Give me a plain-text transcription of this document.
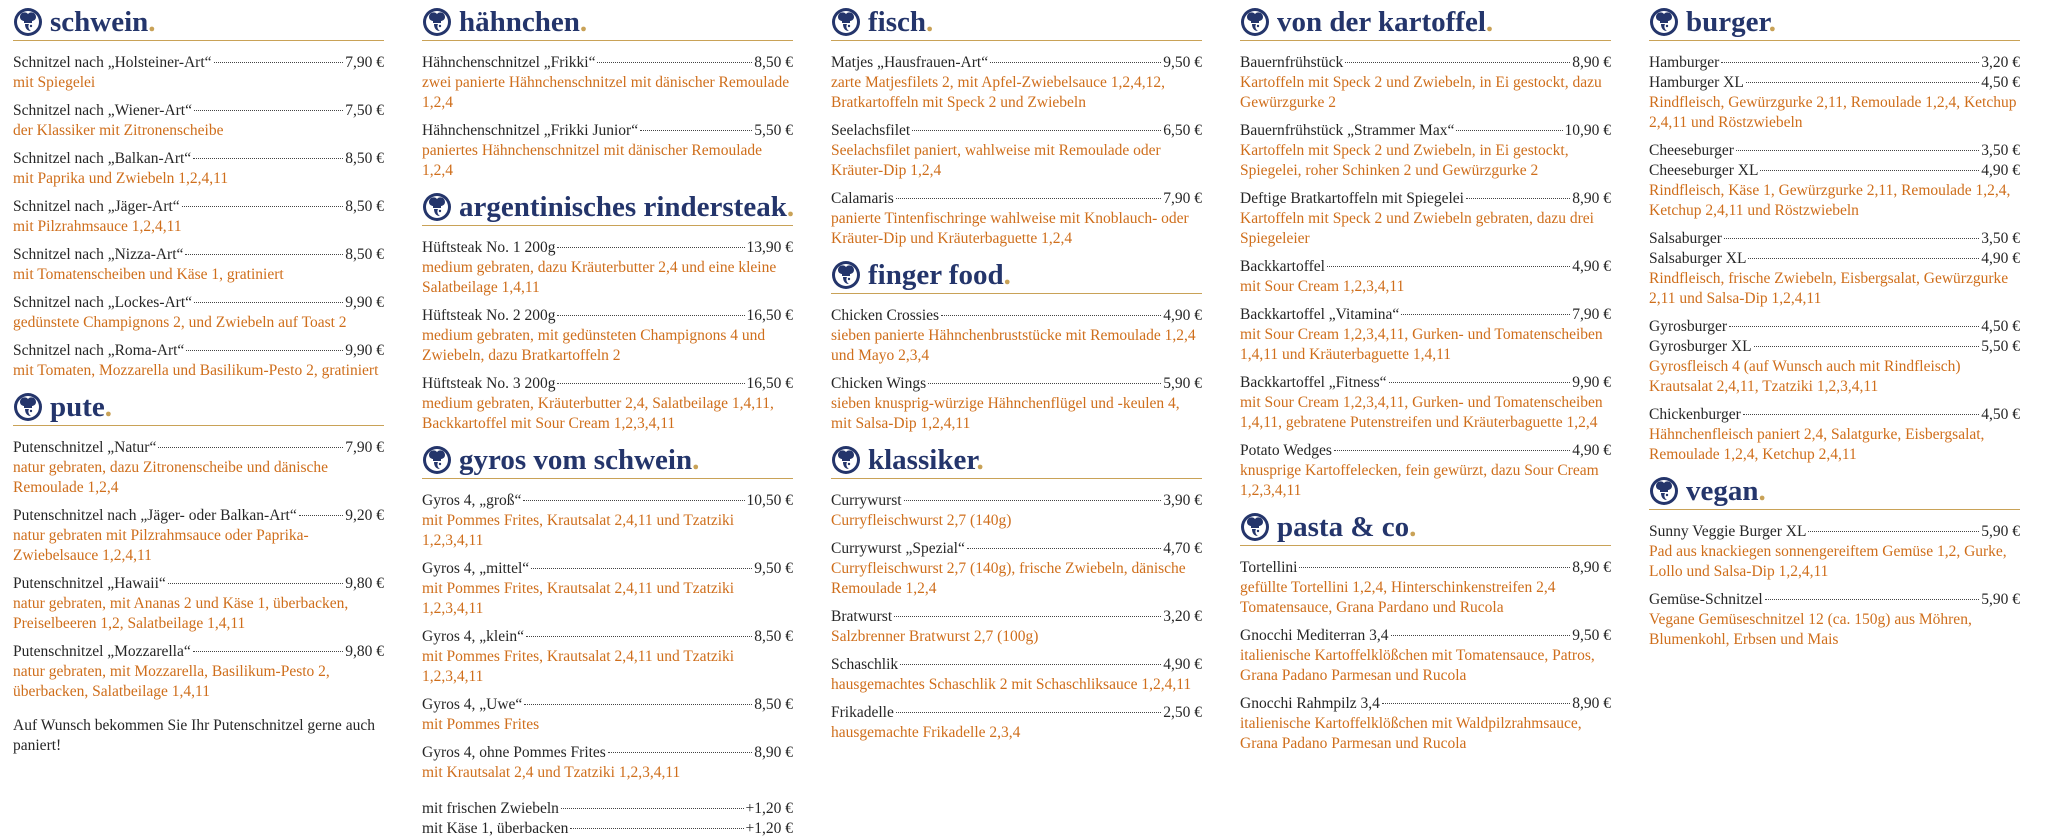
schwein.
Schnitzel nach „Holsteiner-Art“	7,90 €
mit Spiegelei
Schnitzel nach „Wiener-Art“	7,50 €
der Klassiker mit Zitronenscheibe
Schnitzel nach „Balkan-Art“	8,50 €
mit Paprika und Zwiebeln 1,2,4,11
Schnitzel nach „Jäger-Art“	8,50 €
mit Pilzrahmsauce 1,2,4,11
Schnitzel nach „Nizza-Art“	8,50 €
mit Tomatenscheiben und Käse 1, gratiniert
Schnitzel nach „Lockes-Art“	9,90 €
gedünstete Champignons 2, und Zwiebeln auf Toast 2
Schnitzel nach „Roma-Art“	9,90 €
mit Tomaten, Mozzarella und Basilikum-Pesto 2, gratiniert
pute.
Putenschnitzel „Natur“	7,90 €
natur gebraten, dazu Zitronenscheibe und dänische Remoulade 1,2,4
Putenschnitzel nach „Jäger- oder Balkan-Art“	9,20 €
natur gebraten mit Pilzrahmsauce oder Paprika- Zwiebelsauce 1,2,4,11
Putenschnitzel „Hawaii“	9,80 €
natur gebraten, mit Ananas 2 und Käse 1, überbacken, Preiselbeeren 1,2, Salatbeilage 1,4,11
Putenschnitzel „Mozzarella“	9,80 €
natur gebraten, mit Mozzarella, Basilikum-Pesto 2, überbacken, Salatbeilage 1,4,11
Auf Wunsch bekommen Sie Ihr Putenschnitzel gerne auch paniert!
hähnchen.
Hähnchenschnitzel „Frikki“	8,50 €
zwei panierte Hähnchenschnitzel mit dänischer Remoulade 1,2,4
Hähnchenschnitzel „Frikki Junior“	5,50 €
paniertes Hähnchenschnitzel mit dänischer Remoulade 1,2,4
argentinisches rindersteak.
Hüftsteak No. 1 200g	13,90 €
medium gebraten, dazu Kräuterbutter 2,4 und eine kleine Salatbeilage 1,4,11
Hüftsteak No. 2 200g	16,50 €
medium gebraten, mit gedünsteten Champignons 4 und Zwiebeln, dazu Bratkartoffeln 2
Hüftsteak No. 3 200g	16,50 €
medium gebraten, Kräuterbutter 2,4, Salatbeilage 1,4,11, Backkartoffel mit Sour Cream 1,2,3,4,11
gyros vom schwein.
Gyros 4, „groß“	10,50 €
mit Pommes Frites, Krautsalat 2,4,11 und Tzatziki 1,2,3,4,11
Gyros 4, „mittel“	9,50 €
mit Pommes Frites, Krautsalat 2,4,11 und Tzatziki 1,2,3,4,11
Gyros 4, „klein“	8,50 €
mit Pommes Frites, Krautsalat 2,4,11 und Tzatziki 1,2,3,4,11
Gyros 4, „Uwe“	8,50 €
mit Pommes Frites
Gyros 4, ohne Pommes Frites	8,90 €
mit Krautsalat 2,4 und Tzatziki 1,2,3,4,11
mit frischen Zwiebeln	+1,20 €
mit Käse 1, überbacken	+1,20 €
fisch.
Matjes „Hausfrauen-Art“	9,50 €
zarte Matjesfilets 2, mit Apfel-Zwiebelsauce 1,2,4,12, Bratkartoffeln mit Speck 2 und Zwiebeln
Seelachsfilet	6,50 €
Seelachsfilet paniert, wahlweise mit Remoulade oder Kräuter-Dip 1,2,4
Calamaris	7,90 €
panierte Tintenfischringe wahlweise mit Knoblauch- oder Kräuter-Dip und Kräuterbaguette 1,2,4
finger food.
Chicken Crossies	4,90 €
sieben panierte Hähnchenbruststücke mit Remoulade 1,2,4 und Mayo 2,3,4
Chicken Wings	5,90 €
sieben knusprig-würzige Hähnchenflügel und -keulen 4, mit Salsa-Dip 1,2,4,11
klassiker.
Currywurst	3,90 €
Curryfleischwurst 2,7 (140g)
Currywurst „Spezial“	4,70 €
Curryfleischwurst 2,7 (140g), frische Zwiebeln, dänische Remoulade 1,2,4
Bratwurst	3,20 €
Salzbrenner Bratwurst 2,7 (100g)
Schaschlik	4,90 €
hausgemachtes Schaschlik 2 mit Schaschliksauce 1,2,4,11
Frikadelle	2,50 €
hausgemachte Frikadelle 2,3,4
von der kartoffel.
Bauernfrühstück	8,90 €
Kartoffeln mit Speck 2 und Zwiebeln, in Ei gestockt, dazu Gewürzgurke 2
Bauernfrühstück „Strammer Max“	10,90 €
Kartoffeln mit Speck 2 und Zwiebeln, in Ei gestockt, Spiegelei, roher Schinken 2 und Gewürzgurke 2
Deftige Bratkartoffeln mit Spiegelei	8,90 €
Kartoffeln mit Speck 2 und Zwiebeln gebraten, dazu drei Spiegeleier
Backkartoffel	4,90 €
mit Sour Cream 1,2,3,4,11
Backkartoffel „Vitamina“	7,90 €
mit Sour Cream 1,2,3,4,11, Gurken- und Tomatenscheiben 1,4,11 und Kräuterbaguette 1,4,11
Backkartoffel „Fitness“	9,90 €
mit Sour Cream 1,2,3,4,11, Gurken- und Tomatenscheiben 1,4,11, gebratene Putenstreifen und Kräuterbaguette 1,2,4
Potato Wedges	4,90 €
knusprige Kartoffelecken, fein gewürzt, dazu Sour Cream 1,2,3,4,11
pasta & co.
Tortellini	8,90 €
gefüllte Tortellini 1,2,4, Hinterschinkenstreifen 2,4 Tomatensauce, Grana Pardano und Rucola
Gnocchi Mediterran 3,4	9,50 €
italienische Kartoffelklößchen mit Tomatensauce, Patros, Grana Padano Parmesan und Rucola
Gnocchi Rahmpilz 3,4	8,90 €
italienische Kartoffelklößchen mit Waldpilzrahmsauce, Grana Padano Parmesan und Rucola
burger.
Hamburger	3,20 €
Hamburger XL	4,50 €
Rindfleisch, Gewürzgurke 2,11, Remoulade 1,2,4, Ketchup 2,4,11 und Röstzwiebeln
Cheeseburger	3,50 €
Cheeseburger XL	4,90 €
Rindfleisch, Käse 1, Gewürzgurke 2,11, Remoulade 1,2,4, Ketchup 2,4,11 und Röstzwiebeln
Salsaburger	3,50 €
Salsaburger XL	4,90 €
Rindfleisch, frische Zwiebeln, Eisbergsalat, Gewürzgurke 2,11 und Salsa-Dip 1,2,4,11
Gyrosburger	4,50 €
Gyrosburger XL	5,50 €
Gyrosfleisch 4 (auf Wunsch auch mit Rindfleisch) Krautsalat 2,4,11, Tzatziki 1,2,3,4,11
Chickenburger	4,50 €
Hähnchenfleisch paniert 2,4, Salatgurke, Eisbergsalat, Remoulade 1,2,4, Ketchup 2,4,11
vegan.
Sunny Veggie Burger XL	5,90 €
Pad aus knackiegen sonnengereiftem Gemüse 1,2, Gurke, Lollo und Salsa-Dip 1,2,4,11
Gemüse-Schnitzel	5,90 €
Vegane Gemüseschnitzel 12 (ca. 150g) aus Möhren, Blumenkohl, Erbsen und Mais
